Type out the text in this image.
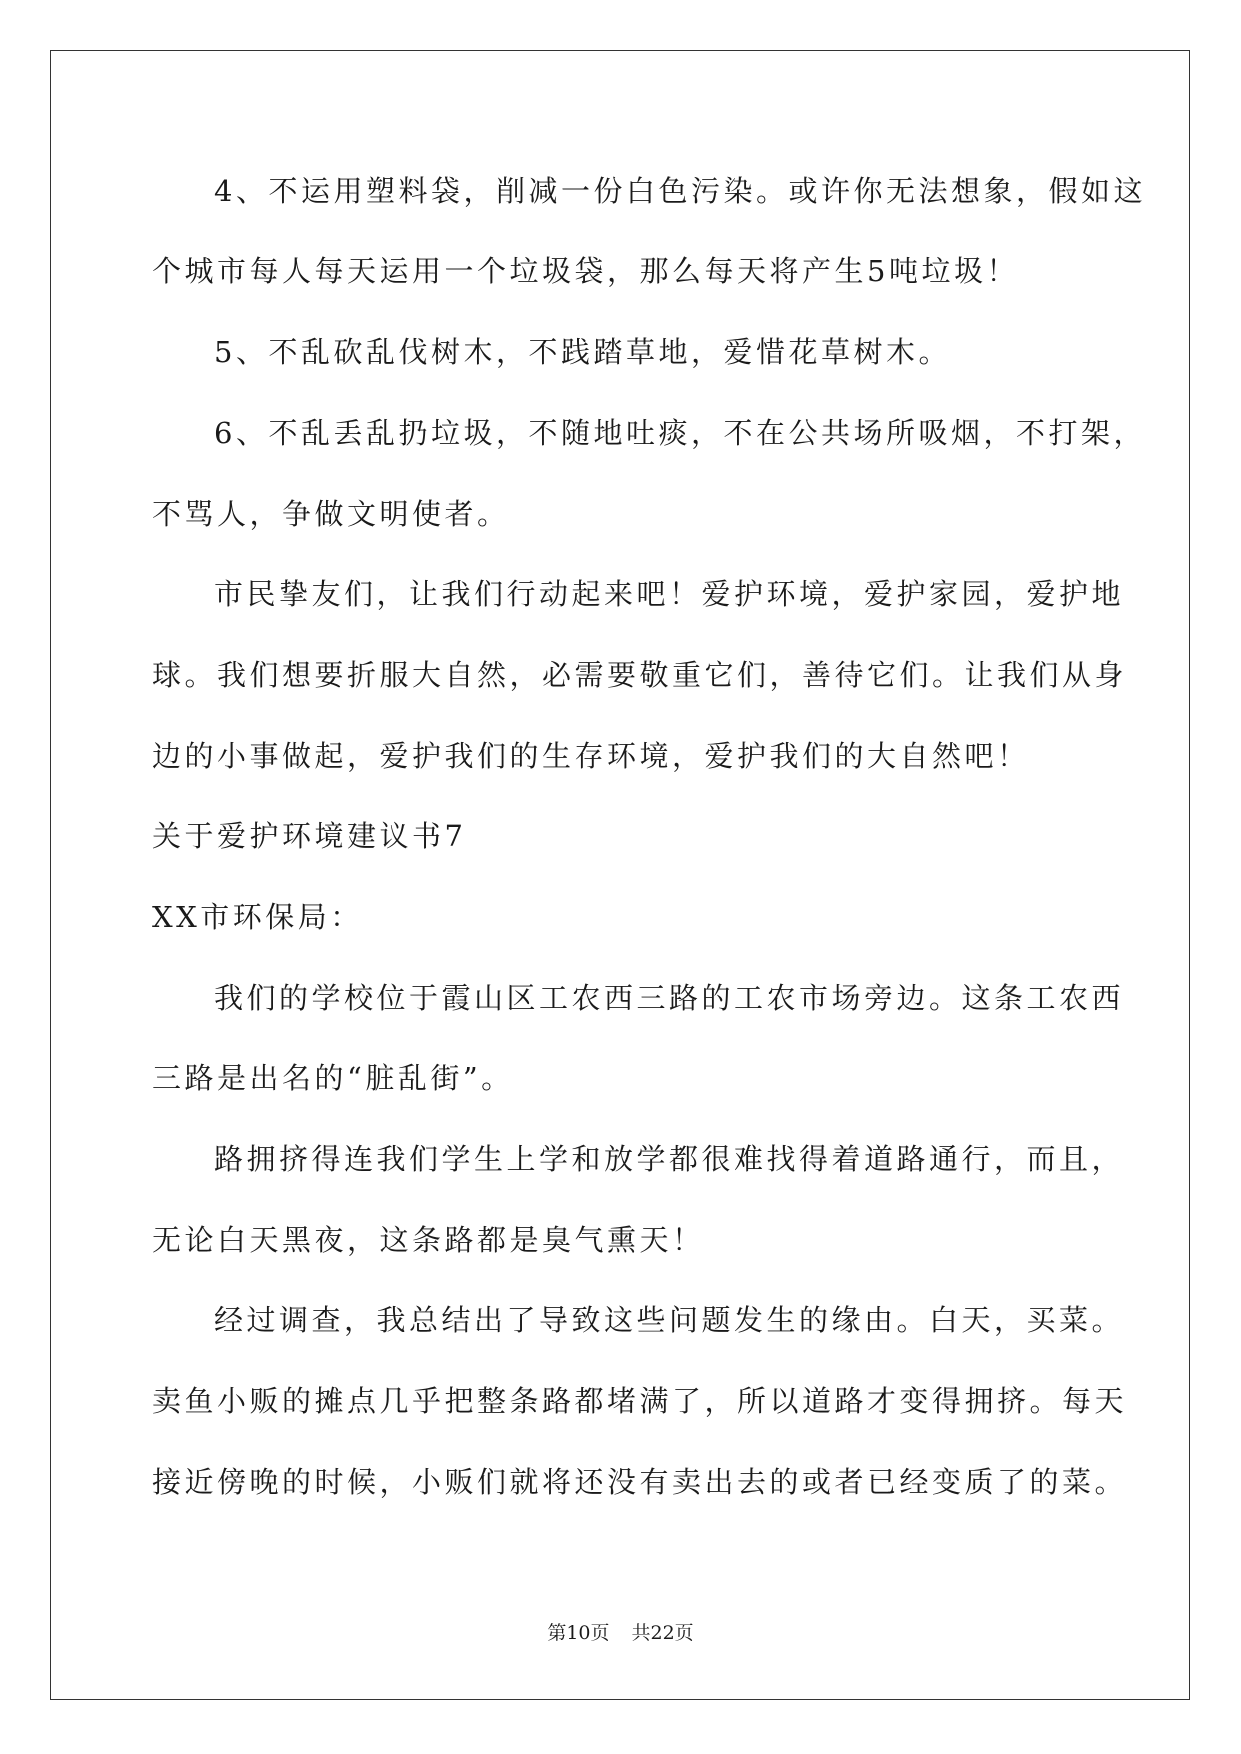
4、不运用塑料袋，削减一份白色污染。或许你无法想象，假如这
个城市每人每天运用一个垃圾袋，那么每天将产生5吨垃圾！
5、不乱砍乱伐树木，不践踏草地，爱惜花草树木。
6、不乱丢乱扔垃圾，不随地吐痰，不在公共场所吸烟，不打架，
不骂人，争做文明使者。
市民挚友们，让我们行动起来吧！爱护环境，爱护家园，爱护地
球。我们想要折服大自然，必需要敬重它们，善待它们。让我们从身
边的小事做起，爱护我们的生存环境，爱护我们的大自然吧！
关于爱护环境建议书7
XX市环保局：
我们的学校位于霞山区工农西三路的工农市场旁边。这条工农西
三路是出名的“脏乱街”。
路拥挤得连我们学生上学和放学都很难找得着道路通行，而且，
无论白天黑夜，这条路都是臭气熏天！
经过调查，我总结出了导致这些问题发生的缘由。白天，买菜。
卖鱼小贩的摊点几乎把整条路都堵满了，所以道路才变得拥挤。每天
接近傍晚的时候，小贩们就将还没有卖出去的或者已经变质了的菜。
第10页 共22页
